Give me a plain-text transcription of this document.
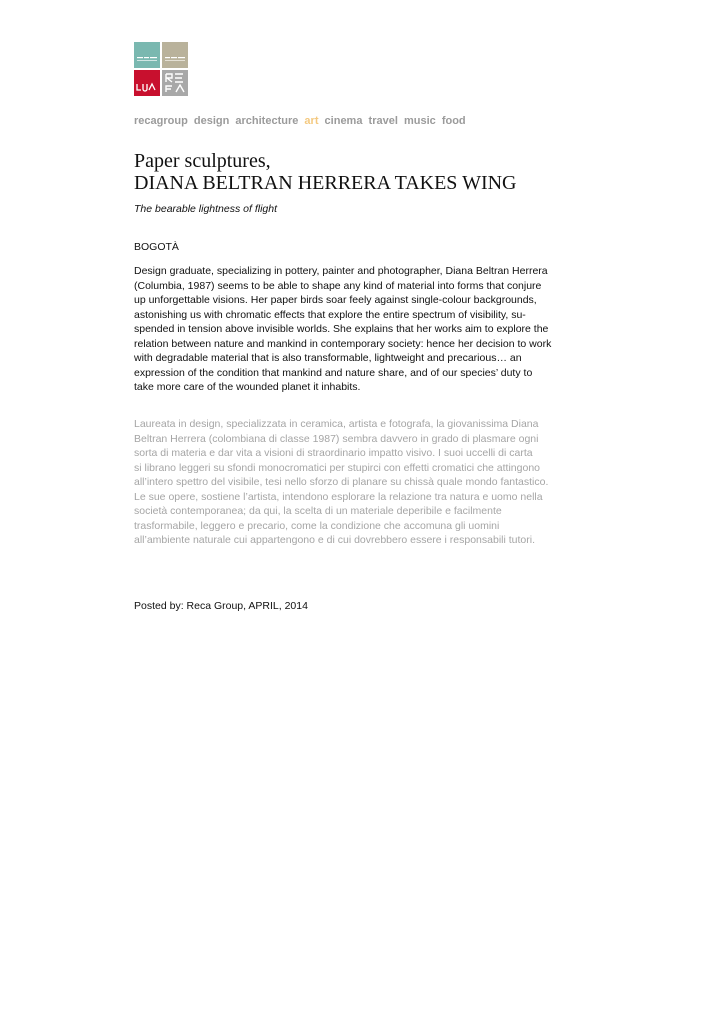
recagroup design architecture art cinema travel music food
Paper sculptures,
DIANA BELTRAN HERRERA TAKES WING
The bearable lightness of flight
BOGOTÀ

Design graduate, specializing in pottery, painter and photographer, Diana Beltran Herrera

(Columbia, 1987) seems to be able to shape any kind of material into forms that conjure

up unforgettable visions. Her paper birds soar feely against single-colour backgrounds,

astonishing us with chromatic effects that explore the entire spectrum of visibility, su-

spended in tension above invisible worlds. She explains that her works aim to explore the

relation between nature and mankind in contemporary society: hence her decision to work

with degradable material that is also transformable, lightweight and precarious… an

expression of the condition that mankind and nature share, and of our species’ duty to

take more care of the wounded planet it inhabits.

Laureata in design, specializzata in ceramica, artista e fotografa, la giovanissima Diana

Beltran Herrera (colombiana di classe 1987) sembra davvero in grado di plasmare ogni

sorta di materia e dar vita a visioni di straordinario impatto visivo. I suoi uccelli di carta

si librano leggeri su sfondi monocromatici per stupirci con effetti cromatici che attingono

all’intero spettro del visibile, tesi nello sforzo di planare su chissà quale mondo fantastico.

Le sue opere, sostiene l’artista, intendono esplorare la relazione tra natura e uomo nella

società contemporanea; da qui, la scelta di un materiale deperibile e facilmente

trasformabile, leggero e precario, come la condizione che accomuna gli uomini

all’ambiente naturale cui appartengono e di cui dovrebbero essere i responsabili tutori.

Posted by: Reca Group, APRIL, 2014
